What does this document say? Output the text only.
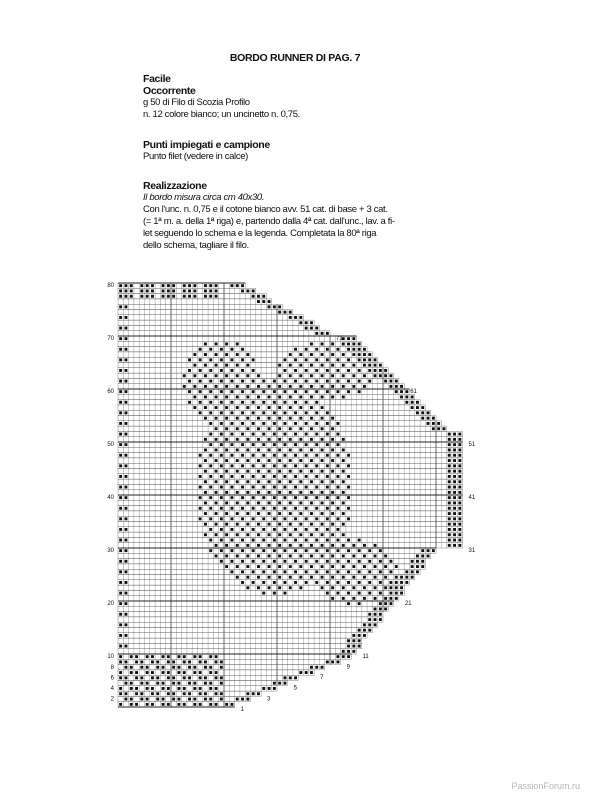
BORDO RUNNER DI PAG. 7
Facile
Occorrente
g 50 di Filo di Scozia Profilo
n. 12 colore bianco; un uncinetto n. 0,75.
Punti impiegati e campione
Punto filet (vedere in calce)
Realizzazione
Il bordo misura circa cm 40x30.
Con l'unc. n. 0,75 e il cotone bianco avv. 51 cat. di base + 3 cat.
(= 1ª m. a. della 1ª riga) e, partendo dalla 4ª cat. dall'unc., lav. a fi-
let seguendo lo schema e la legenda. Completata la 80ª riga
dello schema, tagliare il filo.
80
70
60
50
40
30
20
10
8
6
4
2
71
61
51
41
31
21
11
9
7
5
3
1
PassionForum.ru
